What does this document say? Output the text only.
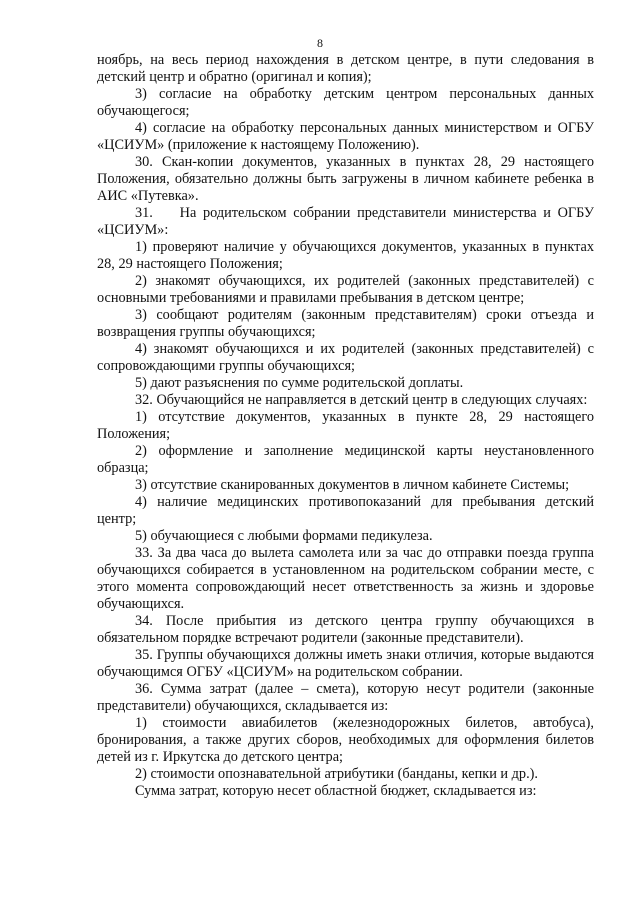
8

ноябрь, на весь период нахождения в детском центре, в пути следования в детский центр и обратно (оригинал и копия);

3) согласие на обработку детским центром персональных данных обучающегося;

4) согласие на обработку персональных данных министерством и ОГБУ «ЦСИУМ» (приложение к настоящему Положению).

30. Скан-копии документов, указанных в пунктах 28, 29 настоящего Положения, обязательно должны быть загружены в личном кабинете ребенка в АИС «Путевка».

31.    На родительском собрании представители министерства и ОГБУ «ЦСИУМ»:

1) проверяют наличие у обучающихся документов, указанных в пунктах 28, 29 настоящего Положения;

2) знакомят обучающихся, их родителей (законных представителей) с основными требованиями и правилами пребывания в детском центре;

3) сообщают родителям (законным представителям) сроки отъезда и возвращения группы обучающихся;

4) знакомят обучающихся и их родителей (законных представителей) с сопровождающими группы обучающихся;

5) дают разъяснения по сумме родительской доплаты.

32. Обучающийся не направляется в детский центр в следующих случаях:

1) отсутствие документов, указанных в пункте 28, 29 настоящего Положения;

2) оформление и заполнение медицинской карты неустановленного образца;

3) отсутствие сканированных документов в личном кабинете Системы;

4) наличие медицинских противопоказаний для пребывания детский центр;

5) обучающиеся с любыми формами педикулеза.

33. За два часа до вылета самолета или за час до отправки поезда группа обучающихся собирается в установленном на родительском собрании месте, с этого момента сопровождающий несет ответственность за жизнь и здоровье обучающихся.

34. После прибытия из детского центра группу обучающихся в обязательном порядке встречают родители (законные представители).

35. Группы обучающихся должны иметь знаки отличия, которые выдаются обучающимся ОГБУ «ЦСИУМ» на родительском собрании.

36. Сумма затрат (далее – смета), которую несут родители (законные представители) обучающихся, складывается из:

1) стоимости авиабилетов (железнодорожных билетов, автобуса), бронирования, а также других сборов, необходимых для оформления билетов детей из г. Иркутска до детского центра;

2) стоимости опознавательной атрибутики (банданы, кепки и др.).

Сумма затрат, которую несет областной бюджет, складывается из:
